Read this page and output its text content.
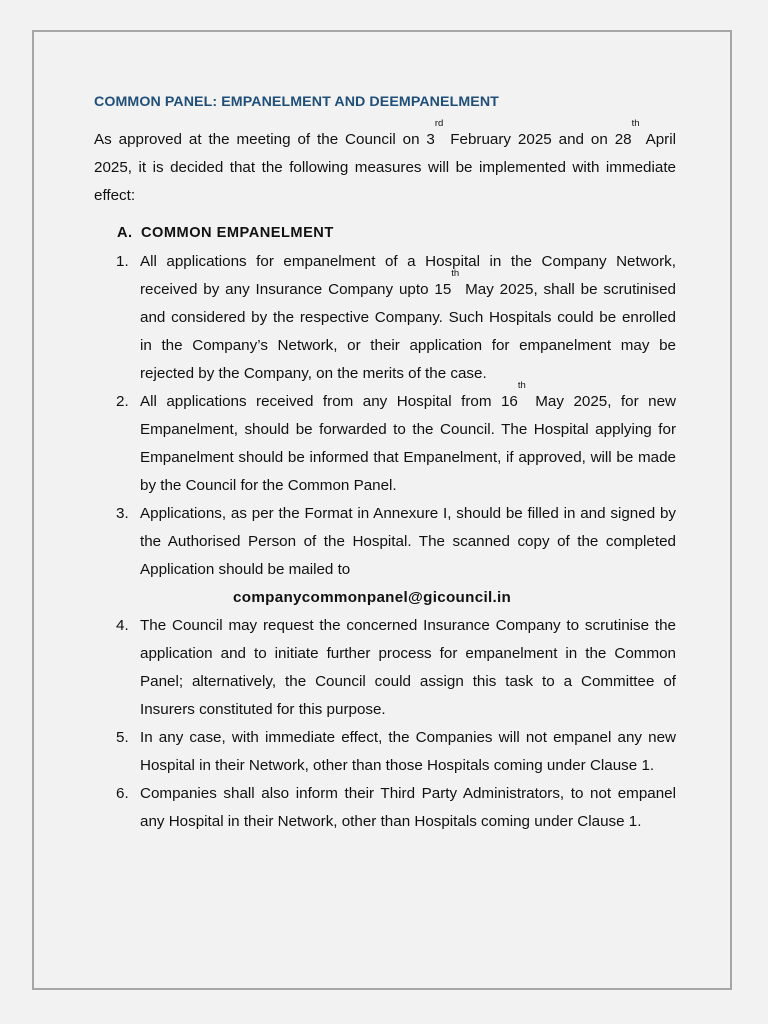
COMMON PANEL: EMPANELMENT AND DEEMPANELMENT

As approved at the meeting of the Council on 3rd February 2025 and on 28th April 2025, it is decided that the following measures will be implemented with immediate effect:

A. COMMON EMPANELMENT
1. All applications for empanelment of a Hospital in the Company Network, received by any Insurance Company upto 15th May 2025, shall be scrutinised and considered by the respective Company. Such Hospitals could be enrolled in the Company’s Network, or their application for empanelment may be rejected by the Company, on the merits of the case.
2. All applications received from any Hospital from 16th May 2025, for new Empanelment, should be forwarded to the Council. The Hospital applying for Empanelment should be informed that Empanelment, if approved, will be made by the Council for the Common Panel.
3. Applications, as per the Format in Annexure I, should be filled in and signed by the Authorised Person of the Hospital. The scanned copy of the completed Application should be mailed to
companycommonpanel@gicouncil.in
4. The Council may request the concerned Insurance Company to scrutinise the application and to initiate further process for empanelment in the Common Panel; alternatively, the Council could assign this task to a Committee of Insurers constituted for this purpose.
5. In any case, with immediate effect, the Companies will not empanel any new Hospital in their Network, other than those Hospitals coming under Clause 1.
6. Companies shall also inform their Third Party Administrators, to not empanel any Hospital in their Network, other than Hospitals coming under Clause 1.
